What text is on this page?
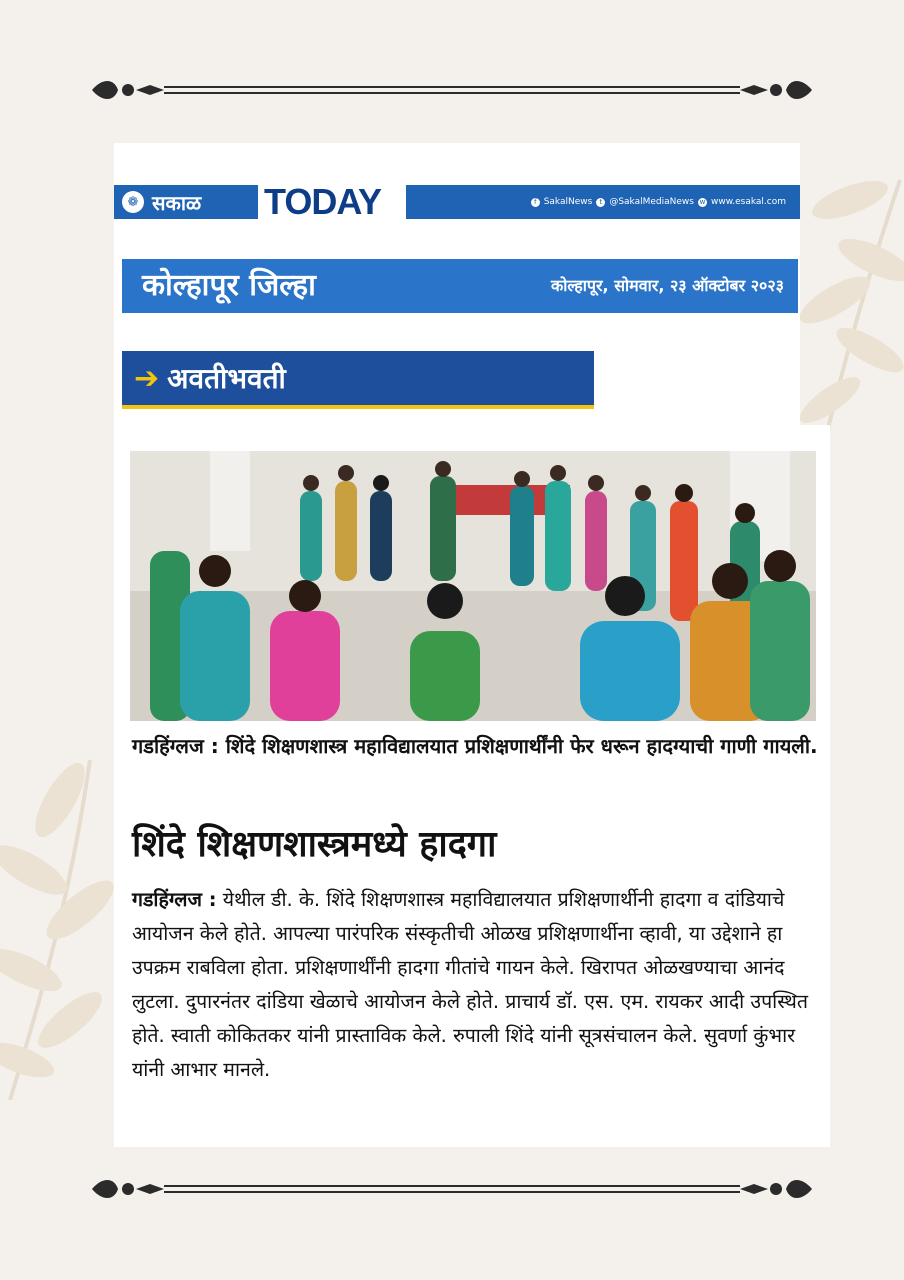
❁ सकाळ TODAY	f SakalNews	t @SakalMediaNews w www.esakal.com
कोल्हापूर जिल्हा	कोल्हापूर, सोमवार, २३ ऑक्टोबर २०२३
➔ अवतीभवती
गडहिंग्लज : शिंदे शिक्षणशास्त्र महाविद्यालयात प्रशिक्षणार्थींनी फेर धरून हादग्याची गाणी गायली.
शिंदे शिक्षणशास्त्रमध्ये हादगा
गडहिंग्लज : येथील डी. के. शिंदे शिक्षणशास्त्र महाविद्यालयात प्रशिक्षणार्थीनी हादगा व दांडियाचे आयोजन केले होते. आपल्या पारंपरिक संस्कृतीची ओळख प्रशिक्षणार्थीना व्हावी, या उद्देशाने हा उपक्रम राबविला होता. प्रशिक्षणार्थींनी हादगा गीतांचे गायन केले. खिरापत ओळखण्याचा आनंद लुटला. दुपारनंतर दांडिया खेळाचे आयोजन केले होते. प्राचार्य डॉ. एस. एम. रायकर आदी उपस्थित होते. स्वाती कोकितकर यांनी प्रास्ताविक केले. रुपाली शिंदे यांनी सूत्रसंचालन केले. सुवर्णा कुंभार यांनी आभार मानले.
